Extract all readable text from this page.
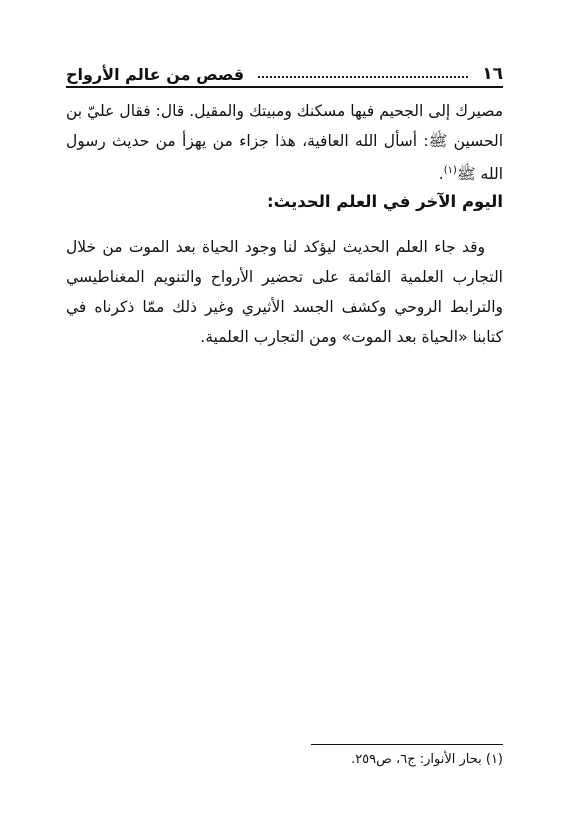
١٦
قصص من عالم الأرواح

مصيرك إلى الجحيم فيها مسكنك ومبيتك والمقيل. قال: فقال عليّ بن الحسين ﷺ: أسأل الله العافية، هذا جزاء من يهزأ من حديث رسول الله ﷺ$^{(١)}$.

اليوم الآخر في العلم الحديث:

وقد جاء العلم الحديث ليؤكد لنا وجود الحياة بعد الموت من خلال التجارب العلمية القائمة على تحضير الأرواح والتنويم المغناطيسي والترابط الروحي وكشف الجسد الأثيري وغير ذلك ممّا ذكرناه في كتابنا «الحياة بعد الموت» ومن التجارب العلمية.

(١) بحار الأنوار: ج٦، ص٢٥٩.
